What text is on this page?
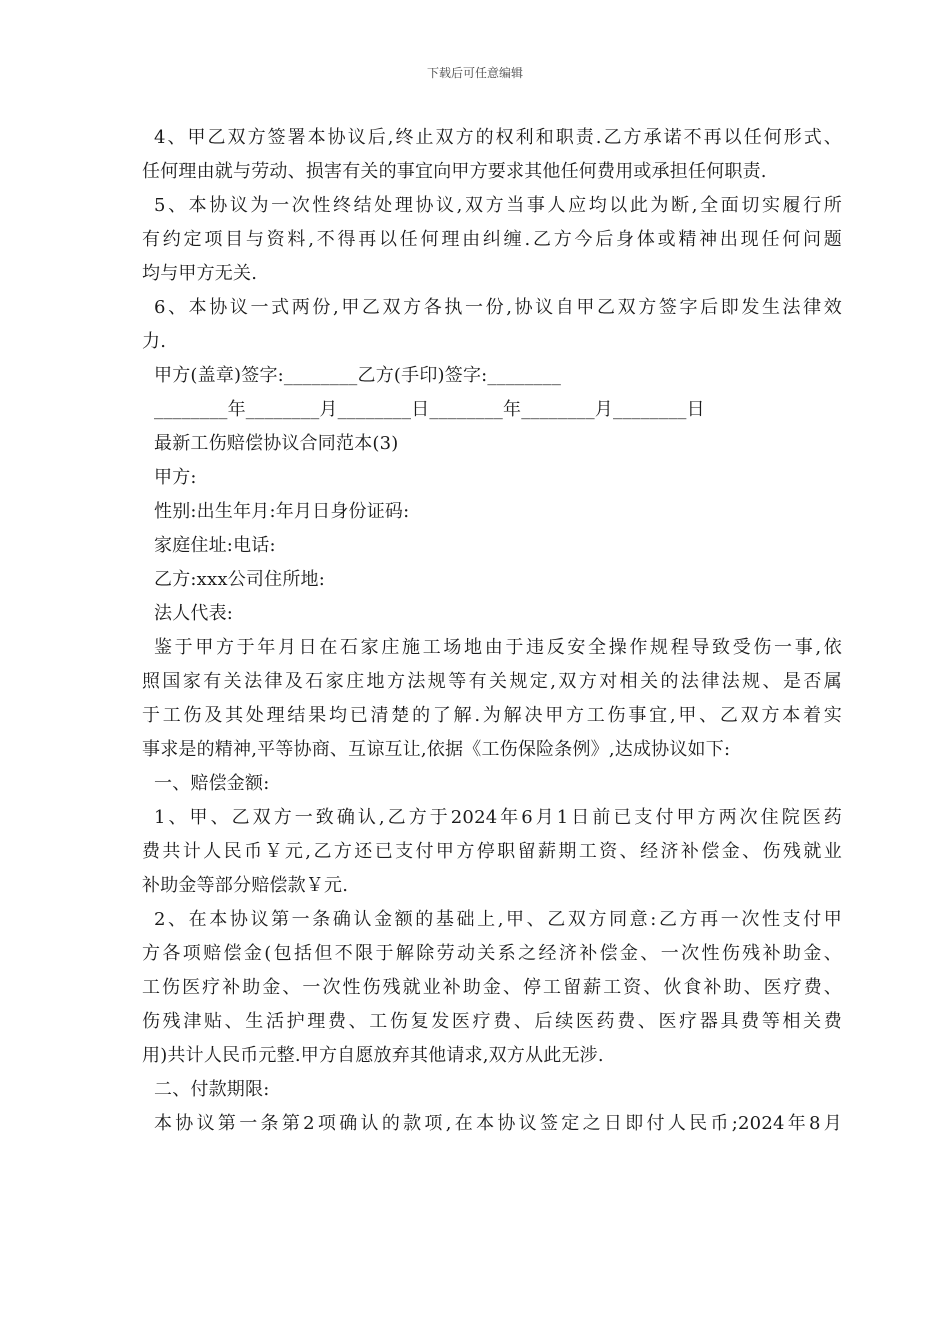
下载后可任意编辑
4、甲乙双方签署本协议后,终止双方的权利和职责.乙方承诺不再以任何形式、
任何理由就与劳动、损害有关的事宜向甲方要求其他任何费用或承担任何职责.
5、本协议为一次性终结处理协议,双方当事人应均以此为断,全面切实履行所
有约定项目与资料,不得再以任何理由纠缠.乙方今后身体或精神出现任何问题
均与甲方无关.
6、本协议一式两份,甲乙双方各执一份,协议自甲乙双方签字后即发生法律效
力.
甲方(盖章)签字:________乙方(手印)签字:________
________年________月________日________年________月________日
最新工伤赔偿协议合同范本(3)
甲方:
性别:出生年月:年月日身份证码:
家庭住址:电话:
乙方:xxx公司住所地:
法人代表:
鉴于甲方于年月日在石家庄施工场地由于违反安全操作规程导致受伤一事,依
照国家有关法律及石家庄地方法规等有关规定,双方对相关的法律法规、是否属
于工伤及其处理结果均已清楚的了解.为解决甲方工伤事宜,甲、乙双方本着实
事求是的精神,平等协商、互谅互让,依据《工伤保险条例》,达成协议如下:
一、赔偿金额:
1、甲、乙双方一致确认,乙方于2024年6月1日前已支付甲方两次住院医药
费共计人民币￥元,乙方还已支付甲方停职留薪期工资、经济补偿金、伤残就业
补助金等部分赔偿款￥元.
2、在本协议第一条确认金额的基础上,甲、乙双方同意:乙方再一次性支付甲
方各项赔偿金(包括但不限于解除劳动关系之经济补偿金、一次性伤残补助金、
工伤医疗补助金、一次性伤残就业补助金、停工留薪工资、伙食补助、医疗费、
伤残津贴、生活护理费、工伤复发医疗费、后续医药费、医疗器具费等相关费
用)共计人民币元整.甲方自愿放弃其他请求,双方从此无涉.
二、付款期限:
本协议第一条第2项确认的款项,在本协议签定之日即付人民币;2024年8月
